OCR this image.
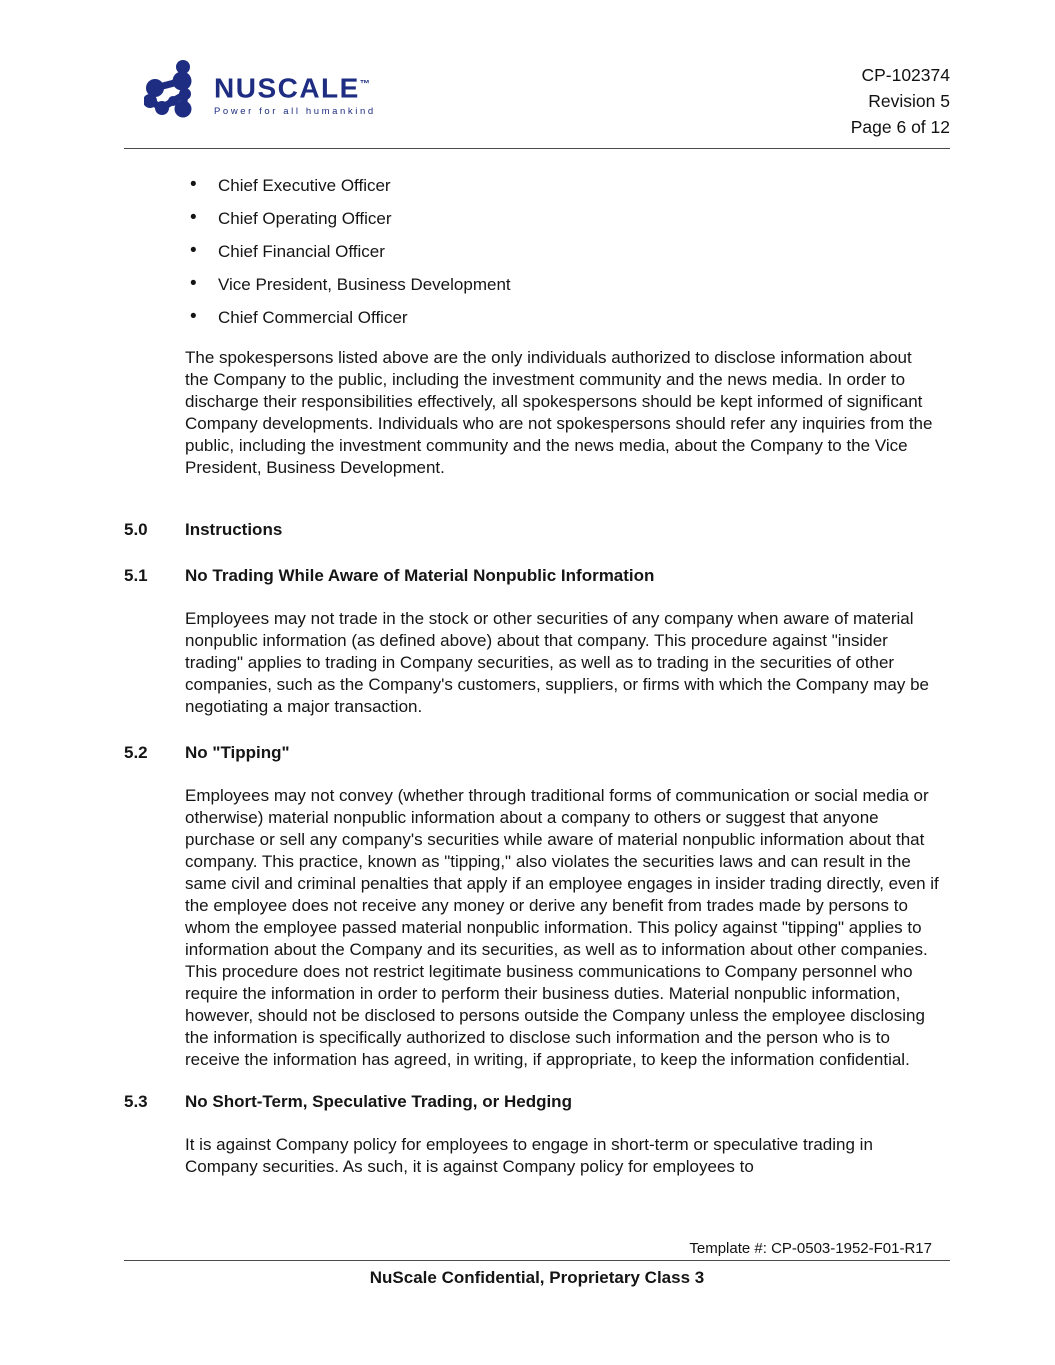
NUSCALE™
Power for all humankind
CP-102374
Revision 5
Page 6 of 12
• Chief Executive Officer
• Chief Operating Officer
• Chief Financial Officer
• Vice President, Business Development
• Chief Commercial Officer

The spokespersons listed above are the only individuals authorized to disclose information about the Company to the public, including the investment community and the news media. In order to discharge their responsibilities effectively, all spokespersons should be kept informed of significant Company developments. Individuals who are not spokespersons should refer any inquiries from the public, including the investment community and the news media, about the Company to the Vice President, Business Development.

5.0	Instructions
5.1	No Trading While Aware of Material Nonpublic Information

Employees may not trade in the stock or other securities of any company when aware of material nonpublic information (as defined above) about that company. This procedure against "insider trading" applies to trading in Company securities, as well as to trading in the securities of other companies, such as the Company's customers, suppliers, or firms with which the Company may be negotiating a major transaction.

5.2	No "Tipping"

Employees may not convey (whether through traditional forms of communication or social media or otherwise) material nonpublic information about a company to others or suggest that anyone purchase or sell any company's securities while aware of material nonpublic information about that company. This practice, known as "tipping," also violates the securities laws and can result in the same civil and criminal penalties that apply if an employee engages in insider trading directly, even if the employee does not receive any money or derive any benefit from trades made by persons to whom the employee passed material nonpublic information. This policy against "tipping" applies to information about the Company and its securities, as well as to information about other companies. This procedure does not restrict legitimate business communications to Company personnel who require the information in order to perform their business duties. Material nonpublic information, however, should not be disclosed to persons outside the Company unless the employee disclosing the information is specifically authorized to disclose such information and the person who is to receive the information has agreed, in writing, if appropriate, to keep the information confidential.

5.3	No Short-Term, Speculative Trading, or Hedging

It is against Company policy for employees to engage in short-term or speculative trading in Company securities. As such, it is against Company policy for employees to

Template #: CP-0503-1952-F01-R17
NuScale Confidential, Proprietary Class 3
